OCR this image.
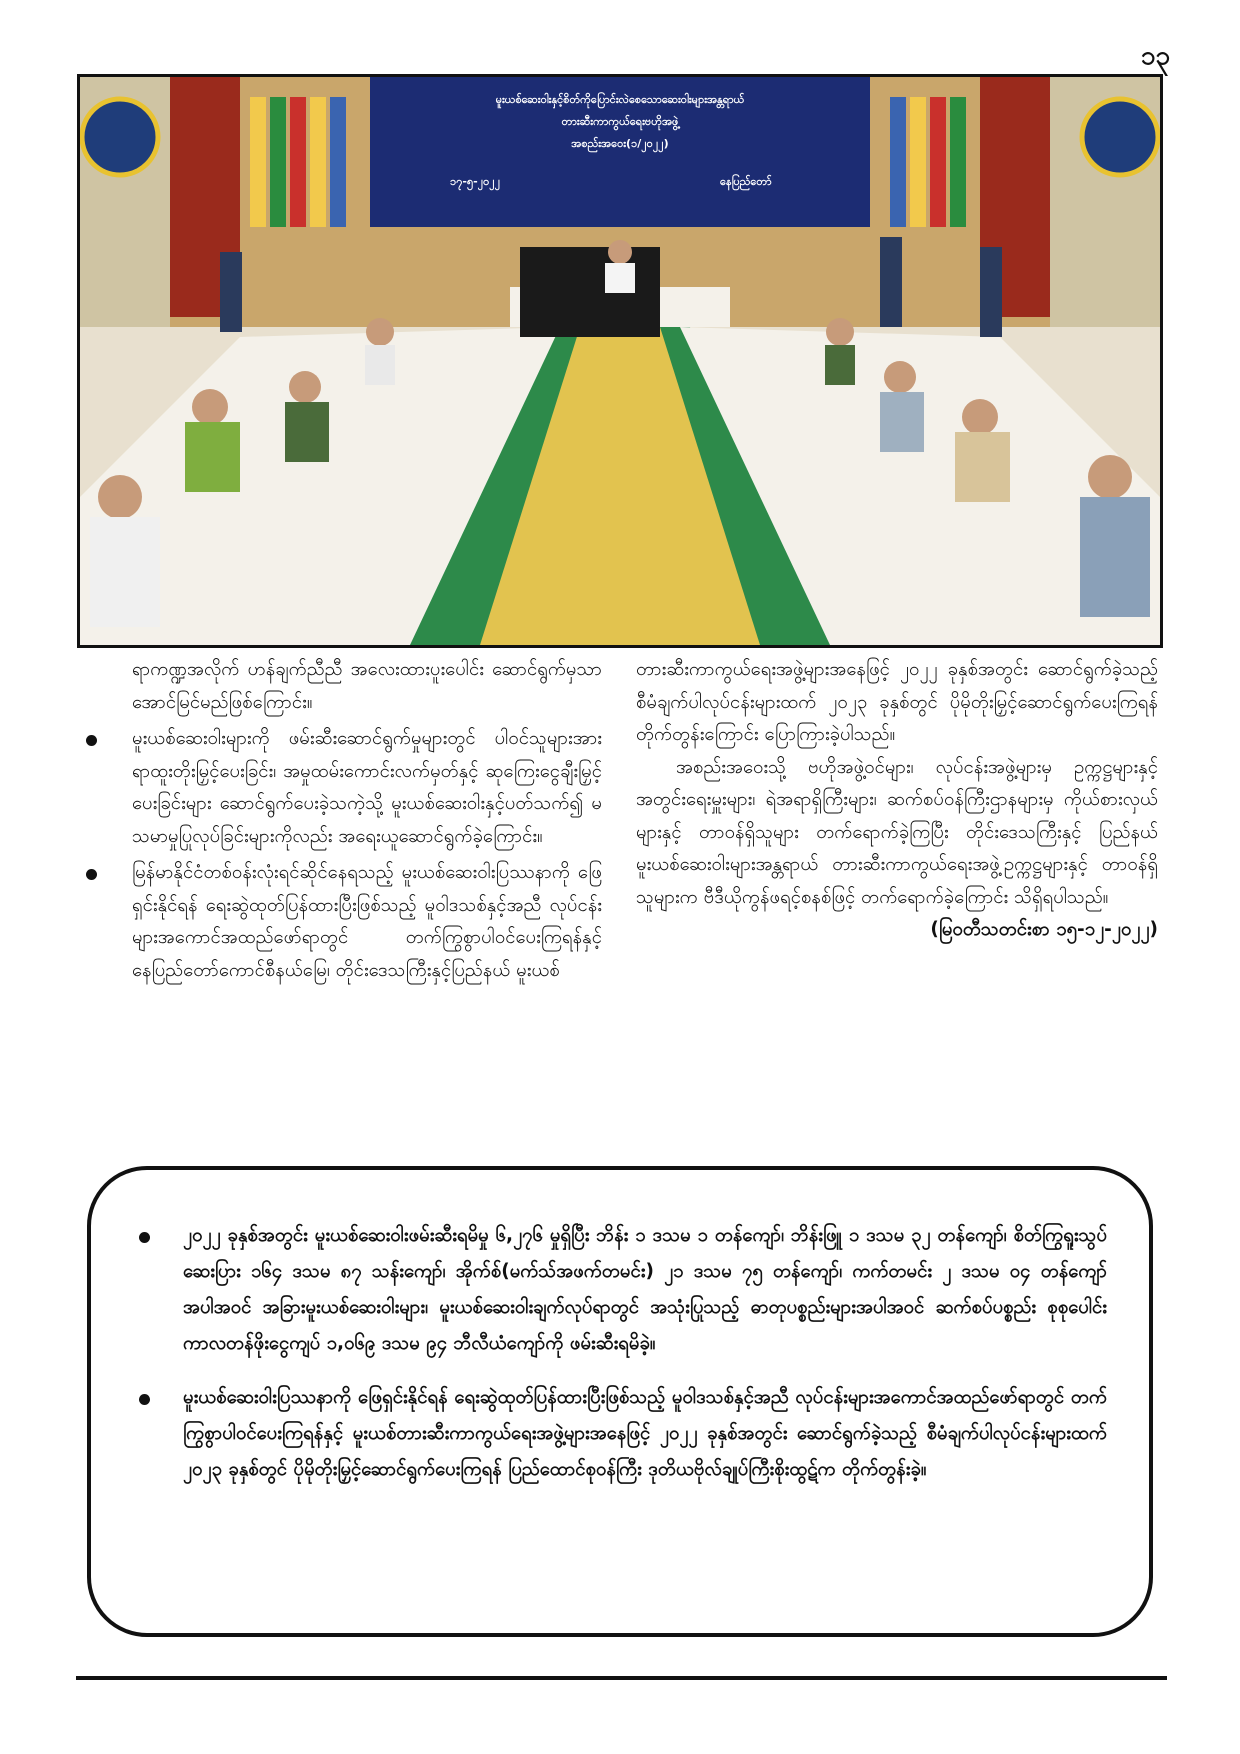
၁၃
မူးယစ်ဆေးဝါးနှင့်စိတ်ကိုပြောင်းလဲစေသောဆေးဝါးများအန္တရာယ်
တားဆီးကာကွယ်ရေးဗဟိုအဖွဲ့
အစည်းအဝေး(၁/၂၀၂၂)
၁၇-၅-၂၀၂၂	နေပြည်တော်

ရာကဏ္ဍအလိုက် ဟန်ချက်ညီညီ အလေးထားပူးပေါင်း ဆောင်ရွက်မှသာ အောင်မြင်မည်ဖြစ်ကြောင်း။

မူးယစ်ဆေးဝါးများကို ဖမ်းဆီးဆောင်ရွက်မှုများတွင် ပါဝင်သူများအား ရာထူးတိုးမြှင့်ပေးခြင်း၊ အမှုထမ်းကောင်းလက်မှတ်နှင့် ဆုကြေးငွေချီးမြှင့်ပေးခြင်းများ ဆောင်ရွက်ပေးခဲ့သကဲ့သို့ မူးယစ်ဆေးဝါးနှင့်ပတ်သက်၍ မသမာမှုပြုလုပ်ခြင်းများကိုလည်း အရေးယူဆောင်ရွက်ခဲ့ကြောင်း။
မြန်မာနိုင်ငံတစ်ဝန်းလုံးရင်ဆိုင်နေရသည့် မူးယစ်ဆေးဝါးပြဿနာကို ဖြေရှင်းနိုင်ရန် ရေးဆွဲထုတ်ပြန်ထားပြီးဖြစ်သည့် မူဝါဒသစ်နှင့်အညီ လုပ်ငန်းများအကောင်အထည်ဖော်ရာတွင် တက်ကြွစွာပါဝင်ပေးကြရန်နှင့် နေပြည်တော်ကောင်စီနယ်မြေ၊ တိုင်းဒေသကြီးနှင့်ပြည်နယ် မူးယစ်

တားဆီးကာကွယ်ရေးအဖွဲ့များအနေဖြင့် ၂၀၂၂ ခုနှစ်အတွင်း ဆောင်ရွက်ခဲ့သည့် စီမံချက်ပါလုပ်ငန်းများထက် ၂၀၂၃ ခုနှစ်တွင် ပိုမိုတိုးမြှင့်ဆောင်ရွက်ပေးကြရန် တိုက်တွန်းကြောင်း ပြောကြားခဲ့ပါသည်။

အစည်းအဝေးသို့ ဗဟိုအဖွဲ့ဝင်များ၊ လုပ်ငန်းအဖွဲ့များမှ ဥက္ကဋ္ဌများနှင့် အတွင်းရေးမှူးများ၊ ရဲအရာရှိကြီးများ၊ ဆက်စပ်ဝန်ကြီးဌာနများမှ ကိုယ်စားလှယ်များနှင့် တာဝန်ရှိသူများ တက်ရောက်ခဲ့ကြပြီး တိုင်းဒေသကြီးနှင့် ပြည်နယ် မူးယစ်ဆေးဝါးများအန္တရာယ် တားဆီးကာကွယ်ရေးအဖွဲ့ဥက္ကဋ္ဌများနှင့် တာဝန်ရှိသူများက ဗီဒီယိုကွန်ဖရင့်စနစ်ဖြင့် တက်ရောက်ခဲ့ကြောင်း သိရှိရပါသည်။

(မြဝတီသတင်းစာ ၁၅-၁၂-၂၀၂၂)

၂၀၂၂ ခုနှစ်အတွင်း မူးယစ်ဆေးဝါးဖမ်းဆီးရမိမှု ၆,၂၇၆ မှုရှိပြီး ဘိန်း ၁ ဒသမ ၁ တန်ကျော်၊ ဘိန်းဖြူ ၁ ဒသမ ၃၂ တန်ကျော်၊ စိတ်ကြွရူးသွပ်ဆေးပြား ၁၆၄ ဒသမ ၈၇ သန်းကျော်၊ အိုက်စ်(မက်သ်အဖက်တမင်း) ၂၁ ဒသမ ၇၅ တန်ကျော်၊ ကက်တမင်း ၂ ဒသမ ၀၄ တန်ကျော်အပါအဝင် အခြားမူးယစ်ဆေးဝါးများ၊ မူးယစ်ဆေးဝါးချက်လုပ်ရာတွင် အသုံးပြုသည့် ဓာတုပစ္စည်းများအပါအဝင် ဆက်စပ်ပစ္စည်း စုစုပေါင်းကာလတန်ဖိုးငွေကျပ် ၁,၀၆၉ ဒသမ ၉၄ ဘီလီယံကျော်ကို ဖမ်းဆီးရမိခဲ့။
မူးယစ်ဆေးဝါးပြဿနာကို ဖြေရှင်းနိုင်ရန် ရေးဆွဲထုတ်ပြန်ထားပြီးဖြစ်သည့် မူဝါဒသစ်နှင့်အညီ လုပ်ငန်းများအကောင်အထည်ဖော်ရာတွင် တက်ကြွစွာပါဝင်ပေးကြရန်နှင့် မူးယစ်တားဆီးကာကွယ်ရေးအဖွဲ့များအနေဖြင့် ၂၀၂၂ ခုနှစ်အတွင်း ဆောင်ရွက်ခဲ့သည့် စီမံချက်ပါလုပ်ငန်းများထက် ၂၀၂၃ ခုနှစ်တွင် ပိုမိုတိုးမြှင့်ဆောင်ရွက်ပေးကြရန် ပြည်ထောင်စုဝန်ကြီး ဒုတိယဗိုလ်ချုပ်ကြီးစိုးထွဋ်က တိုက်တွန်းခဲ့။
